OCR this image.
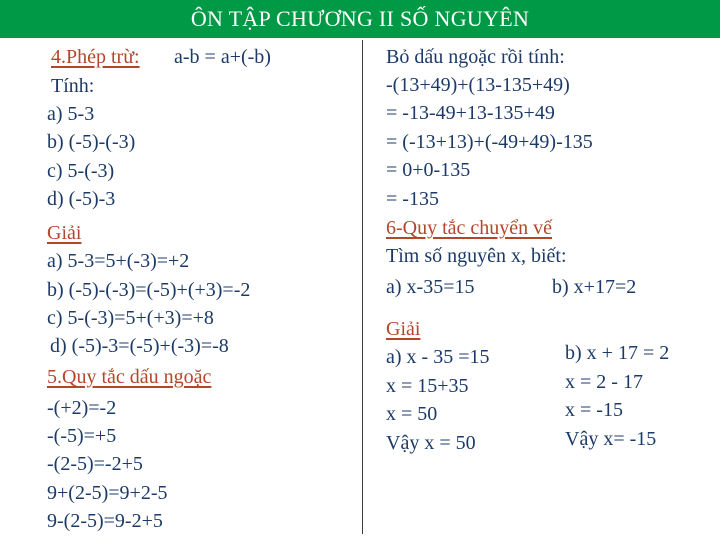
ÔN TẬP CHƯƠNG II SỐ NGUYÊN
4.Phép trừ: a-b = a+(-b)
Tính:
a) 5-3
b) (-5)-(-3)
c) 5-(-3)
d) (-5)-3
Giải
a) 5-3=5+(-3)=+2
b) (-5)-(-3)=(-5)+(+3)=-2
c) 5-(-3)=5+(+3)=+8
d) (-5)-3=(-5)+(-3)=-8
5.Quy tắc dấu ngoặc
-(+2)=-2
-(-5)=+5
-(2-5)=-2+5
9+(2-5)=9+2-5
9-(2-5)=9-2+5
Bỏ dấu ngoặc rồi tính:
-(13+49)+(13-135+49)
= -13-49+13-135+49
= (-13+13)+(-49+49)-135
= 0+0-135
= -135
6-Quy tắc chuyển vế
Tìm số nguyên x, biết:
a) x-35=15	b) x+17=2
Giải
a) x - 35 =15
x = 15+35
x = 50
Vậy x = 50
b) x + 17 = 2
x = 2 - 17
x = -15
Vậy x= -15
